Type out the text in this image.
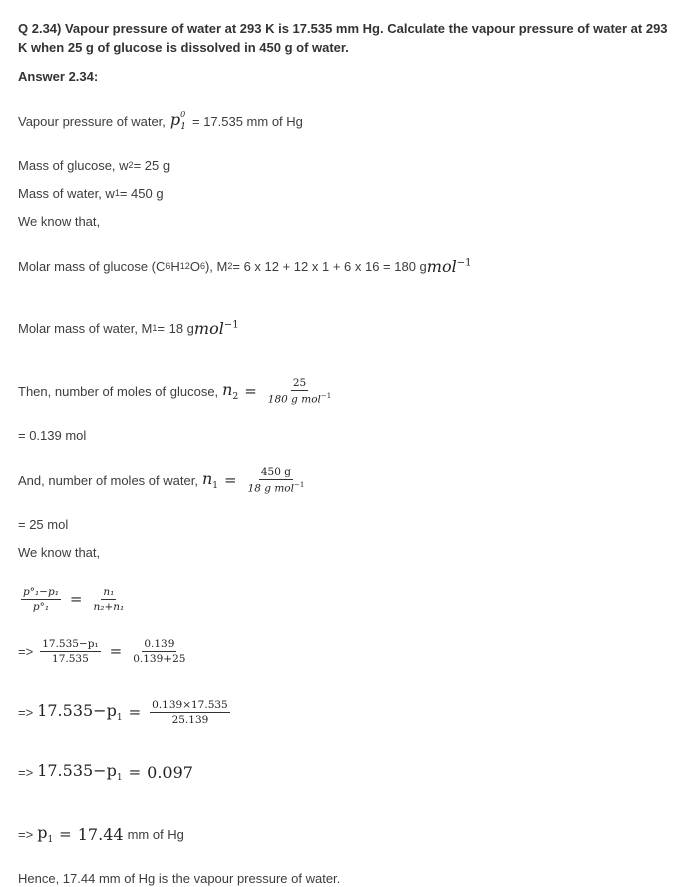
Q 2.34) Vapour pressure of water at 293 K is 17.535 mm Hg. Calculate the vapour pressure of water at 293 K when 25 g of glucose is dissolved in 450 g of water.
Answer 2.34:
Vapour pressure of water, $p^0_1 = 17.535$ mm of Hg
Mass of glucose, w 2 = 25 g
Mass of water, w 1 = 450 g
We know that,
Molar mass of glucose (C 6 H 12 O 6 ), M 2 = 6 x 12 + 12 x 1 + 6 x 16 = 180 g mol$^{-1}$
Molar mass of water, M 1 = 18 g mol$^{-1}$
Then, number of moles of glucose, $n_2 = \frac{25}{180 g mol^{-1}}$
= 0.139 mol
And, number of moles of water, $n_1 = \frac{450 g}{18 g mol^{-1}}$
= 25 mol
We know that,
$\frac{\text{p°₁−p₁}}{\text{p°₁}} = \frac{\text{n₁}}{\text{n₂+n₁}}$
=> $\frac{\text{17.535−p₁}}{17.535} = \frac{0.139}{0.139+25}$
=> $17.535-p_1 = \frac{0.139\times 17.535}{25.139}$
=> $17.535-p_1 = 0.097$
=> $p_1 = 17.44$ mm of Hg
Hence, 17.44 mm of Hg is the vapour pressure of water.
